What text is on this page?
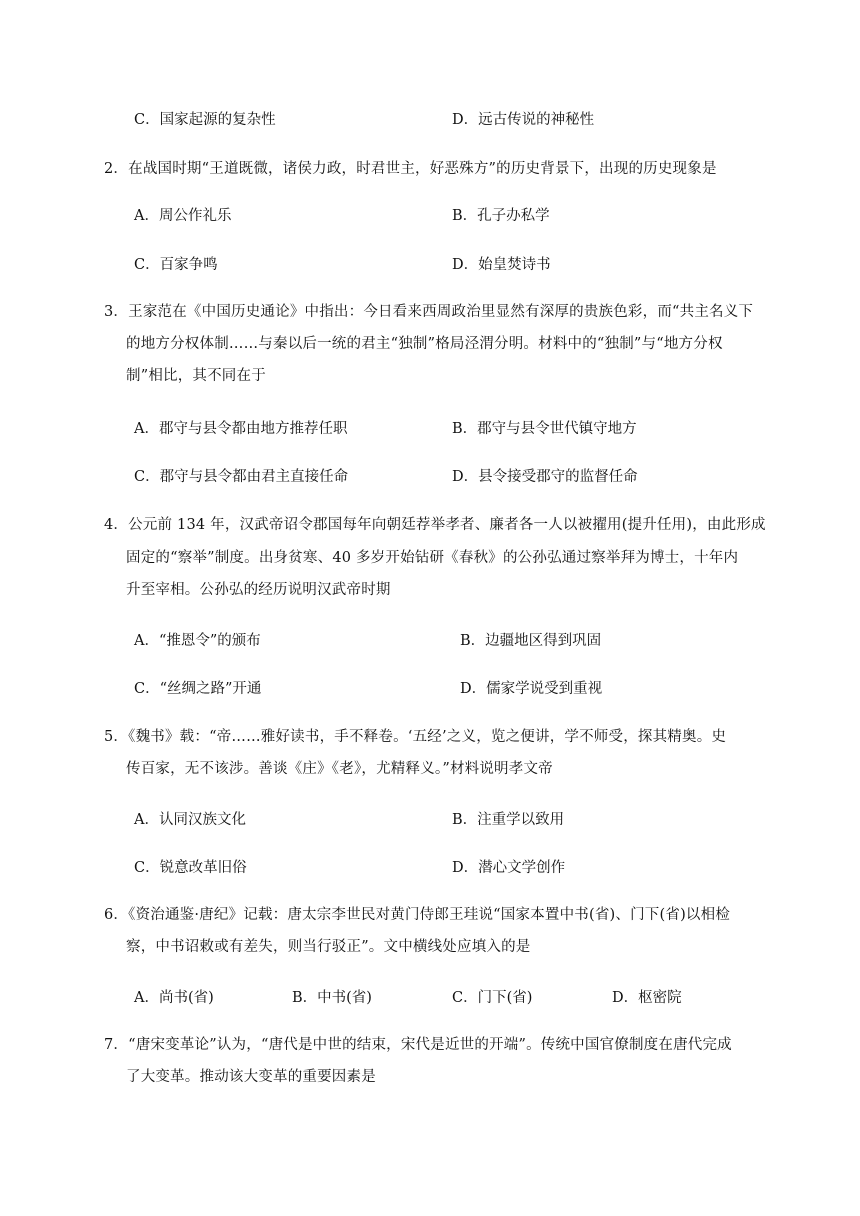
C．国家起源的复杂性	D．远古传说的神秘性
2．在战国时期“王道既微，诸侯力政，时君世主，好恶殊方”的历史背景下，出现的历史现象是
A．周公作礼乐	B．孔子办私学
C．百家争鸣	D．始皇焚诗书
3．王家范在《中国历史通论》中指出：今日看来西周政治里显然有深厚的贵族色彩，而“共主名义下
的地方分权体制……与秦以后一统的君主“独制”格局泾渭分明。材料中的“独制”与“地方分权
制”相比，其不同在于
A．郡守与县令都由地方推荐任职	B．郡守与县令世代镇守地方
C．郡守与县令都由君主直接任命	D．县令接受郡守的监督任命
4．公元前 134 年，汉武帝诏令郡国每年向朝廷荐举孝者、廉者各一人以被擢用(提升任用)，由此形成
固定的“察举”制度。出身贫寒、40 多岁开始钻研《春秋》的公孙弘通过察举拜为博士，十年内
升至宰相。公孙弘的经历说明汉武帝时期
A．“推恩令”的颁布	B．边疆地区得到巩固
C．“丝绸之路”开通	D．儒家学说受到重视
5．《魏书》载：“帝……雅好读书，手不释卷。‘五经’之义，览之便讲，学不师受，探其精奥。史
传百家，无不该涉。善谈《庄》《老》，尤精释义。”材料说明孝文帝
A．认同汉族文化	B．注重学以致用
C．锐意改革旧俗	D．潜心文学创作
6．《资治通鉴·唐纪》记载：唐太宗李世民对黄门侍郎王珪说“国家本置中书(省)、门下(省)以相检
察，中书诏敕或有差失，则当行驳正”。文中横线处应填入的是
A．尚书(省)	B．中书(省)	C．门下(省)	D．枢密院
7．“唐宋变革论”认为，“唐代是中世的结束，宋代是近世的开端”。传统中国官僚制度在唐代完成
了大变革。推动该大变革的重要因素是
